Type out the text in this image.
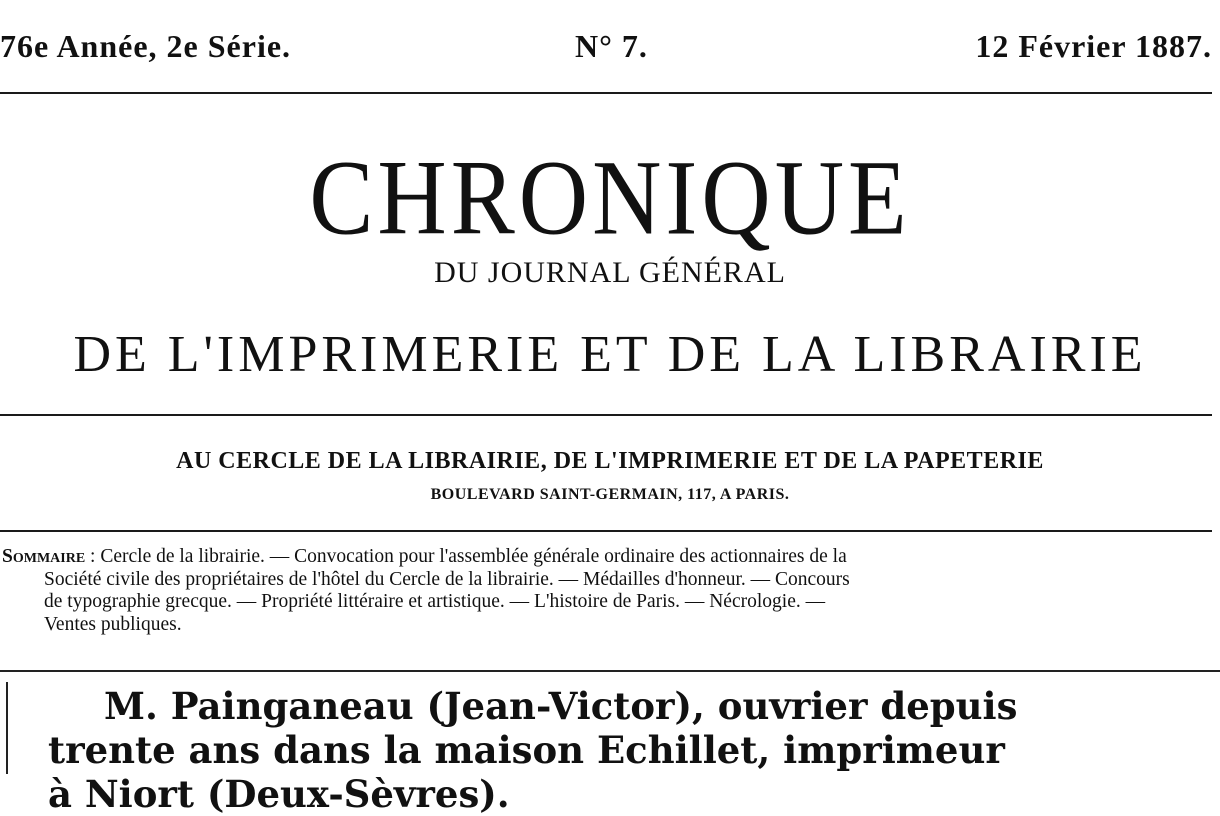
76e Année, 2e Série.	N° 7.	12 Février 1887.
CHRONIQUE
DU JOURNAL GÉNÉRAL
DE L'IMPRIMERIE ET DE LA LIBRAIRIE
AU CERCLE DE LA LIBRAIRIE, DE L'IMPRIMERIE ET DE LA PAPETERIE
BOULEVARD SAINT-GERMAIN, 117, A PARIS.
Sommaire : Cercle de la librairie. — Convocation pour l'assemblée générale ordinaire des actionnaires de la
Société civile des propriétaires de l'hôtel du Cercle de la librairie. — Médailles d'honneur. — Concours
de typographie grecque. — Propriété littéraire et artistique. — L'histoire de Paris. — Nécrologie. —
Ventes publiques.
M. Painganeau (Jean-Victor), ouvrier depuis
trente ans dans la maison Echillet, imprimeur
à Niort (Deux-Sèvres).
